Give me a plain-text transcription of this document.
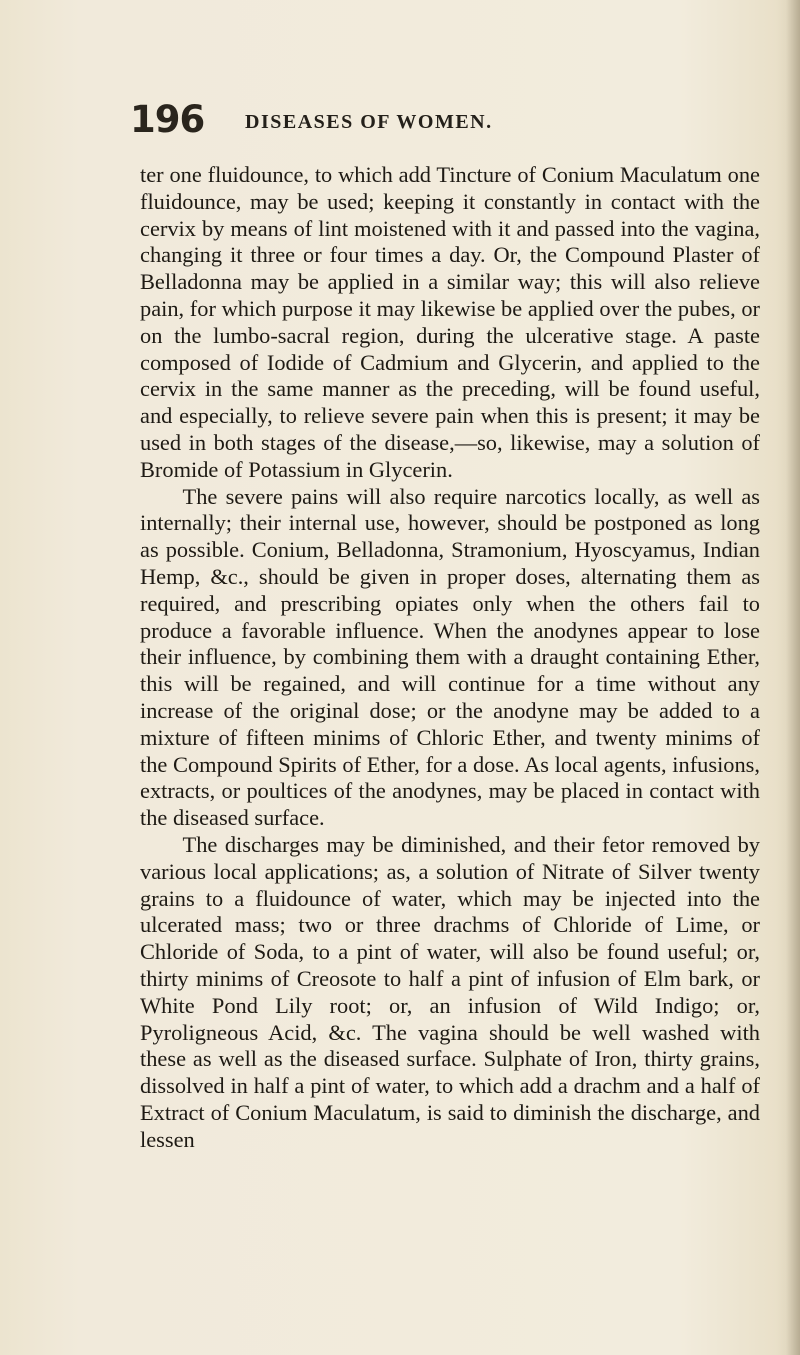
196 DISEASES OF WOMEN.

ter one fluidounce, to which add Tincture of Conium Maculatum one fluidounce, may be used; keeping it constantly in contact with the cervix by means of lint moistened with it and passed into the vagina, changing it three or four times a day. Or, the Compound Plaster of Belladonna may be applied in a similar way; this will also relieve pain, for which purpose it may likewise be applied over the pubes, or on the lumbo-sacral region, during the ulcerative stage. A paste composed of Iodide of Cadmium and Glycerin, and applied to the cervix in the same manner as the preceding, will be found useful, and especially, to relieve severe pain when this is present; it may be used in both stages of the disease,—so, likewise, may a solution of Bromide of Potassium in Glycerin.

The severe pains will also require narcotics locally, as well as internally; their internal use, however, should be postponed as long as possible. Conium, Belladonna, Stramonium, Hyoscyamus, Indian Hemp, &c., should be given in proper doses, alternating them as required, and prescribing opiates only when the others fail to produce a favorable influence. When the anodynes appear to lose their influence, by combining them with a draught containing Ether, this will be regained, and will continue for a time without any increase of the original dose; or the anodyne may be added to a mixture of fifteen minims of Chloric Ether, and twenty minims of the Compound Spirits of Ether, for a dose. As local agents, infusions, extracts, or poultices of the anodynes, may be placed in contact with the diseased surface.

The discharges may be diminished, and their fetor removed by various local applications; as, a solution of Nitrate of Silver twenty grains to a fluidounce of water, which may be injected into the ulcerated mass; two or three drachms of Chloride of Lime, or Chloride of Soda, to a pint of water, will also be found useful; or, thirty minims of Creosote to half a pint of infusion of Elm bark, or White Pond Lily root; or, an infusion of Wild Indigo; or, Pyroligneous Acid, &c. The vagina should be well washed with these as well as the diseased surface. Sulphate of Iron, thirty grains, dissolved in half a pint of water, to which add a drachm and a half of Extract of Conium Maculatum, is said to diminish the discharge, and lessen
